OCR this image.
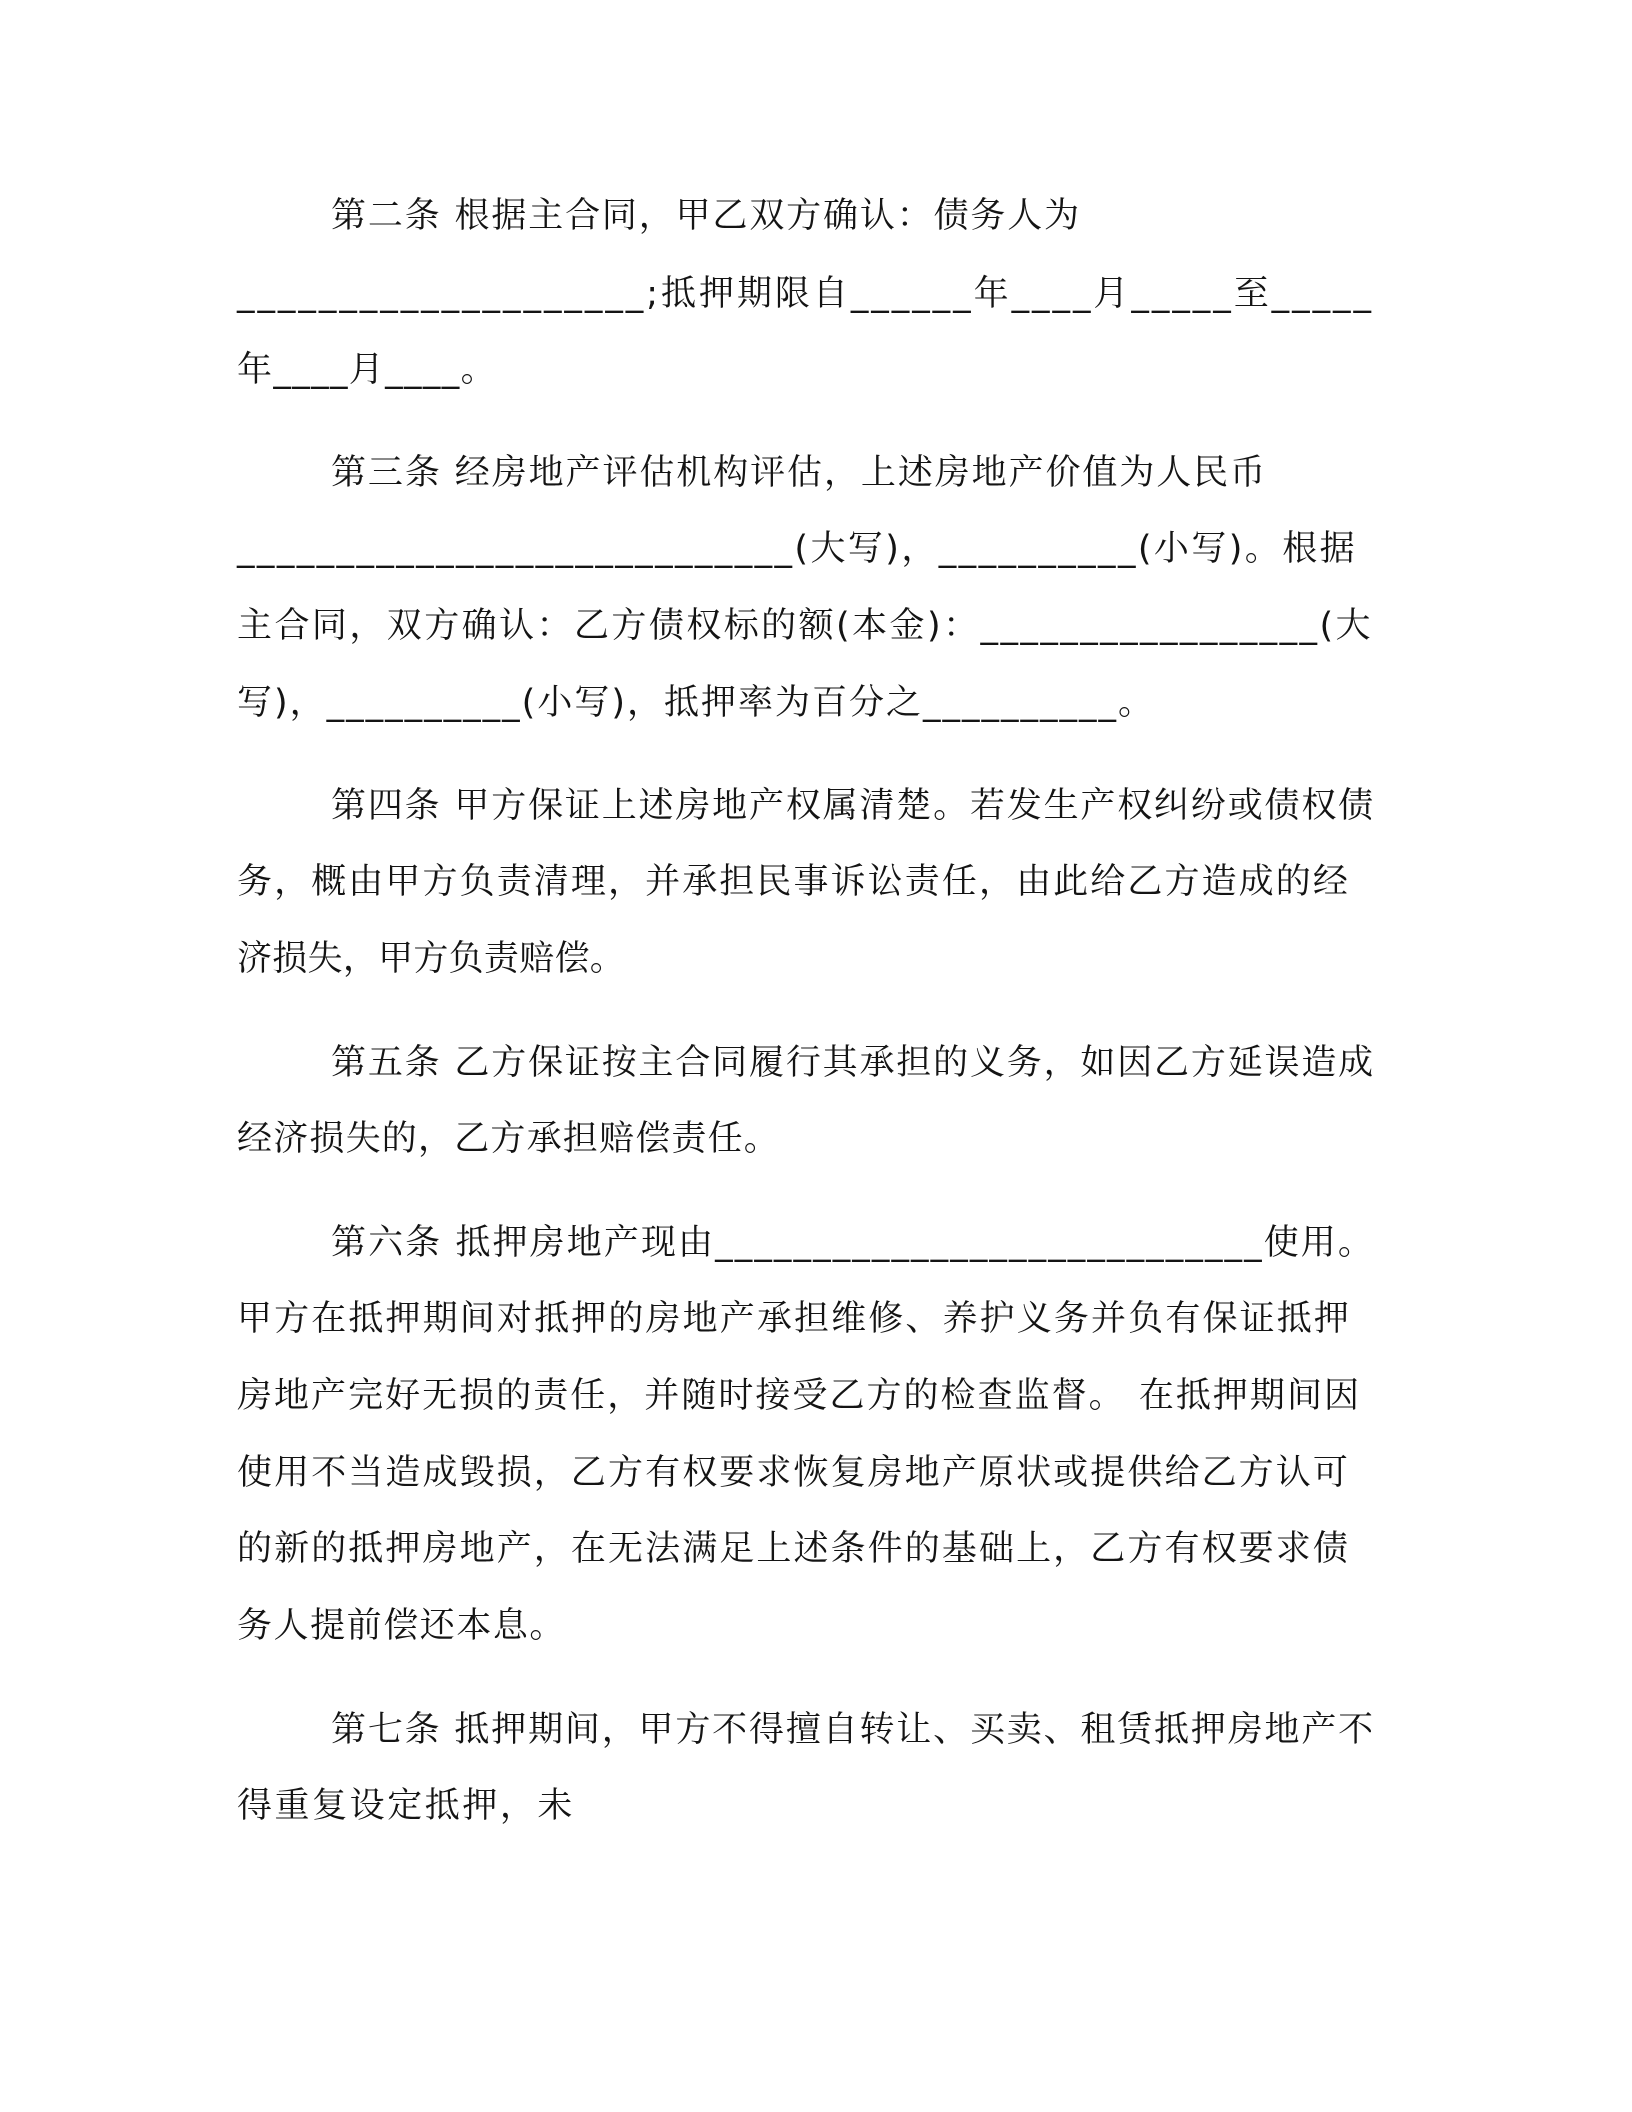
第二条 根据主合同，甲乙双方确认：债务人为
____________________;抵押期限自______年____月_____至_____
年____月____。
第三条 经房地产评估机构评估，上述房地产价值为人民币
____________________________(大写)，__________(小写)。根据
主合同，双方确认：乙方债权标的额(本金)：_________________(大
写)，__________(小写)，抵押率为百分之__________。
第四条 甲方保证上述房地产权属清楚。若发生产权纠纷或债权债
务，概由甲方负责清理，并承担民事诉讼责任，由此给乙方造成的经
济损失，甲方负责赔偿。
第五条 乙方保证按主合同履行其承担的义务，如因乙方延误造成
经济损失的，乙方承担赔偿责任。
第六条 抵押房地产现由____________________________使用。
甲方在抵押期间对抵押的房地产承担维修、养护义务并负有保证抵押
房地产完好无损的责任，并随时接受乙方的检查监督。 在抵押期间因
使用不当造成毁损，乙方有权要求恢复房地产原状或提供给乙方认可
的新的抵押房地产，在无法满足上述条件的基础上，乙方有权要求债
务人提前偿还本息。
第七条 抵押期间，甲方不得擅自转让、买卖、租赁抵押房地产不
得重复设定抵押，未
